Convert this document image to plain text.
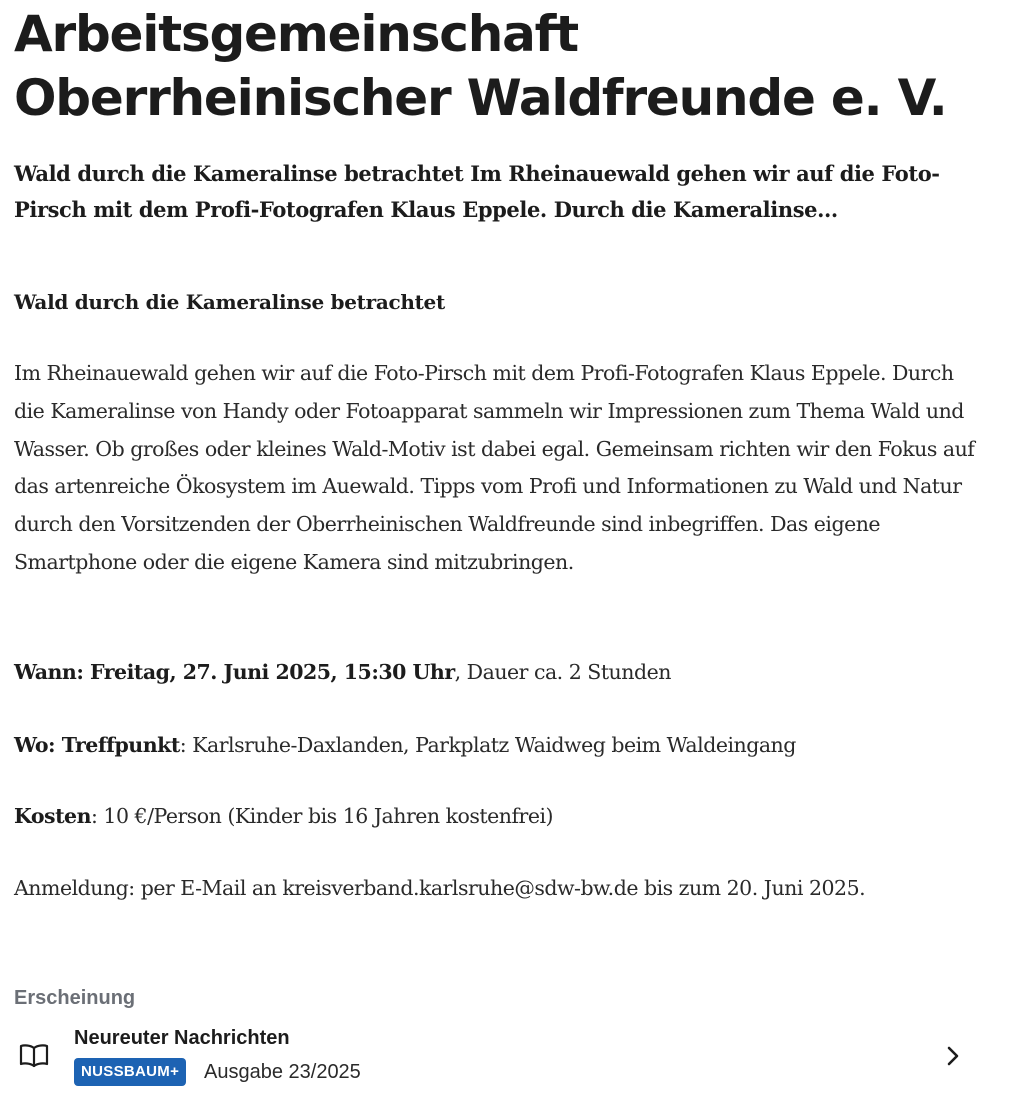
Arbeitsgemeinschaft Oberrheinischer Waldfreunde e. V.

Wald durch die Kameralinse betrachtet Im Rheinauewald gehen wir auf die Foto-Pirsch mit dem Profi-Fotografen Klaus Eppele. Durch die Kameralinse...

Wald durch die Kameralinse betrachtet

Im Rheinauewald gehen wir auf die Foto-Pirsch mit dem Profi-Fotografen Klaus Eppele. Durch die Kameralinse von Handy oder Fotoapparat sammeln wir Impressionen zum Thema Wald und Wasser. Ob großes oder kleines Wald-Motiv ist dabei egal. Gemeinsam richten wir den Fokus auf das artenreiche Ökosystem im Auewald. Tipps vom Profi und Informationen zu Wald und Natur durch den Vorsitzenden der Oberrheinischen Waldfreunde sind inbegriffen. Das eigene Smartphone oder die eigene Kamera sind mitzubringen.

Wann: Freitag, 27. Juni 2025, 15:30 Uhr, Dauer ca. 2 Stunden

Wo: Treffpunkt: Karlsruhe-Daxlanden, Parkplatz Waidweg beim Waldeingang

Kosten: 10 €/Person (Kinder bis 16 Jahren kostenfrei)

Anmeldung: per E-Mail an kreisverband.karlsruhe@sdw-bw.de bis zum 20. Juni 2025.

Erscheinung
Neureuter Nachrichten
NUSSBAUM+	Ausgabe 23/2025
